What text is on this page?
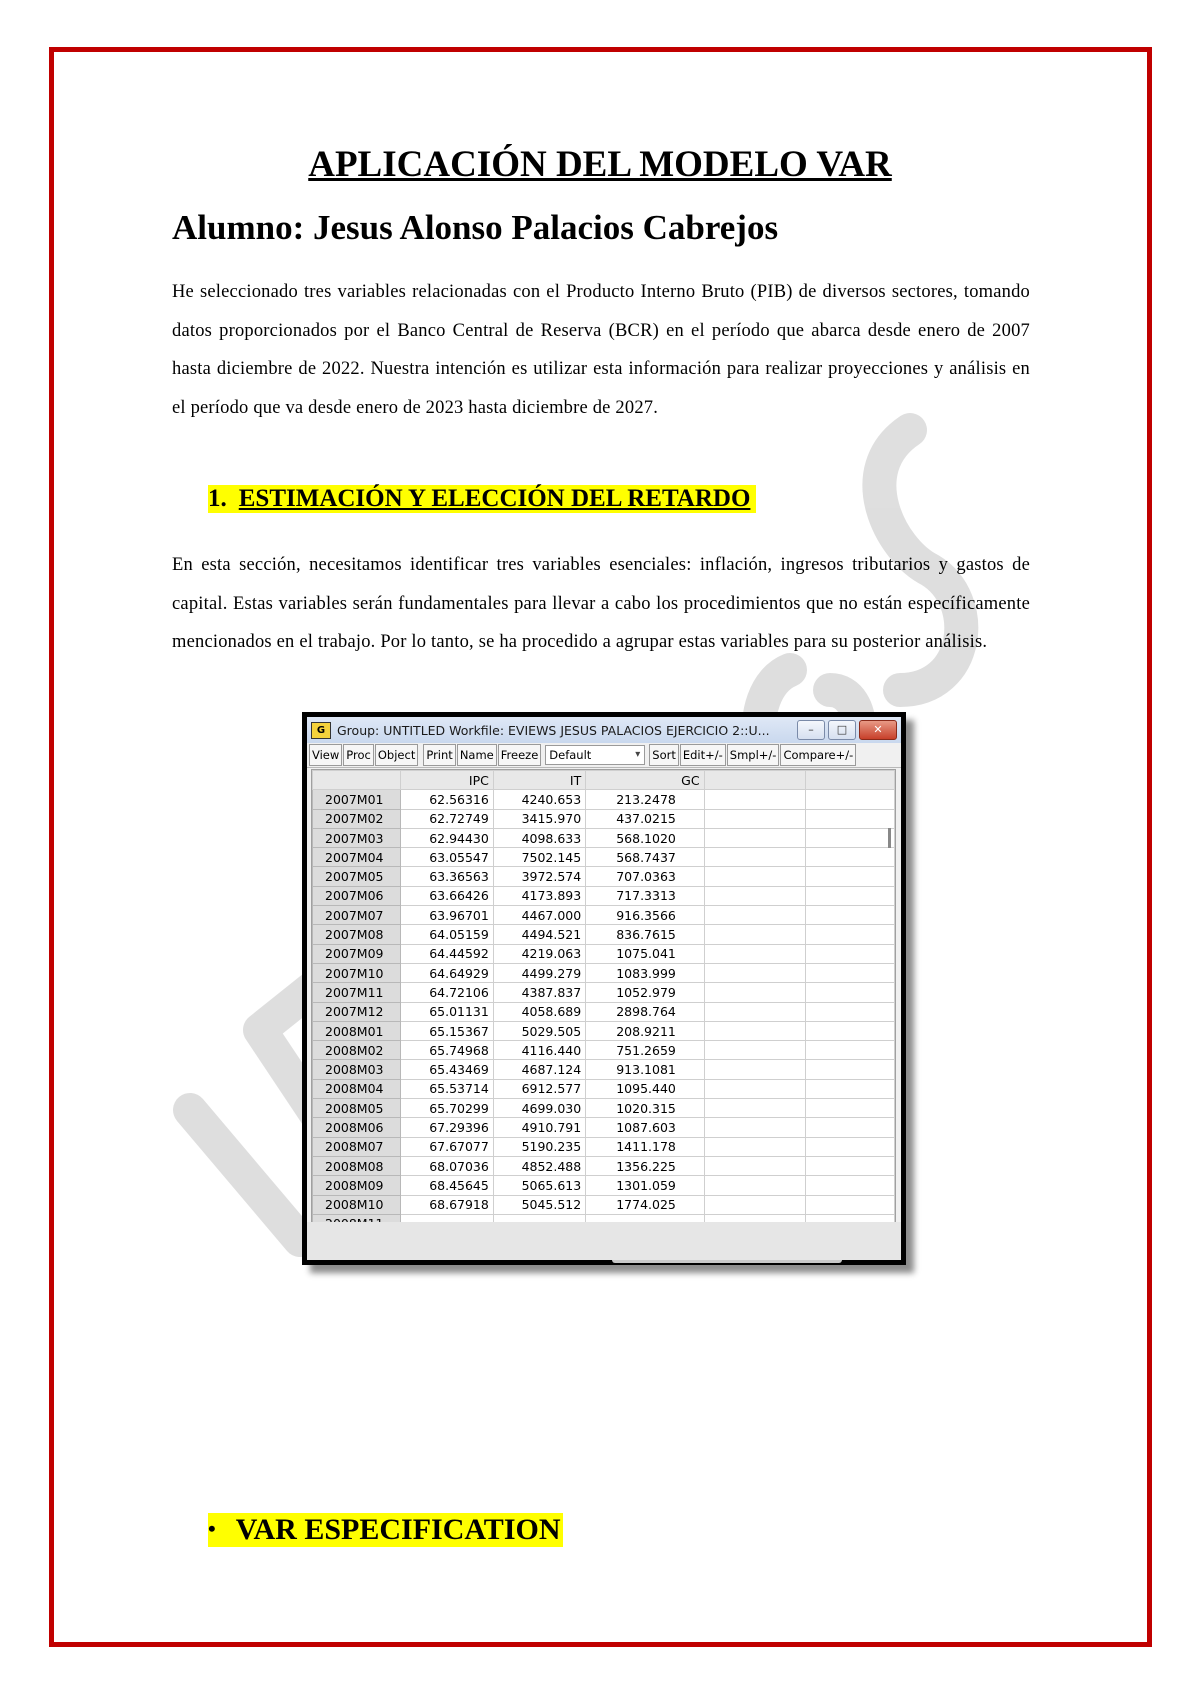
APLICACIÓN DEL MODELO VAR
Alumno: Jesus Alonso Palacios Cabrejos
He seleccionado tres variables relacionadas con el Producto Interno Bruto (PIB) de diversos sectores, tomando datos proporcionados por el Banco Central de Reserva (BCR) en el período que abarca desde enero de 2007 hasta diciembre de 2022. Nuestra intención es utilizar esta información para realizar proyecciones y análisis en el período que va desde enero de 2023 hasta diciembre de 2027.
1. ESTIMACIÓN Y ELECCIÓN DEL RETARDO
En esta sección, necesitamos identificar tres variables esenciales: inflación, ingresos tributarios y gastos de capital. Estas variables serán fundamentales para llevar a cabo los procedimientos que no están específicamente mencionados en el trabajo. Por lo tanto, se ha procedido a agrupar estas variables para su posterior análisis.
G Group: UNTITLED Workfile: EVIEWS JESUS PALACIOS EJERCICIO 2::U...	–	□	✕
View Proc Object Print Name Freeze Default	▾ Sort Edit+/- Smpl+/- Compare+/-
	IPC	IT	GC		
2007M01	62.56316	4240.653	213.2478		
2007M02	62.72749	3415.970	437.0215		
2007M03	62.94430	4098.633	568.1020		
2007M04	63.05547	7502.145	568.7437		
2007M05	63.36563	3972.574	707.0363		
2007M06	63.66426	4173.893	717.3313		
2007M07	63.96701	4467.000	916.3566		
2007M08	64.05159	4494.521	836.7615		
2007M09	64.44592	4219.063	1075.041		
2007M10	64.64929	4499.279	1083.999		
2007M11	64.72106	4387.837	1052.979		
2007M12	65.01131	4058.689	2898.764		
2008M01	65.15367	5029.505	208.9211		
2008M02	65.74968	4116.440	751.2659		
2008M03	65.43469	4687.124	913.1081		
2008M04	65.53714	6912.577	1095.440		
2008M05	65.70299	4699.030	1020.315		
2008M06	67.29396	4910.791	1087.603		
2008M07	67.67077	5190.235	1411.178		
2008M08	68.07036	4852.488	1356.225		
2008M09	68.45645	5065.613	1301.059		
2008M10	68.67918	5045.512	1774.025		

• VAR ESPECIFICATION
